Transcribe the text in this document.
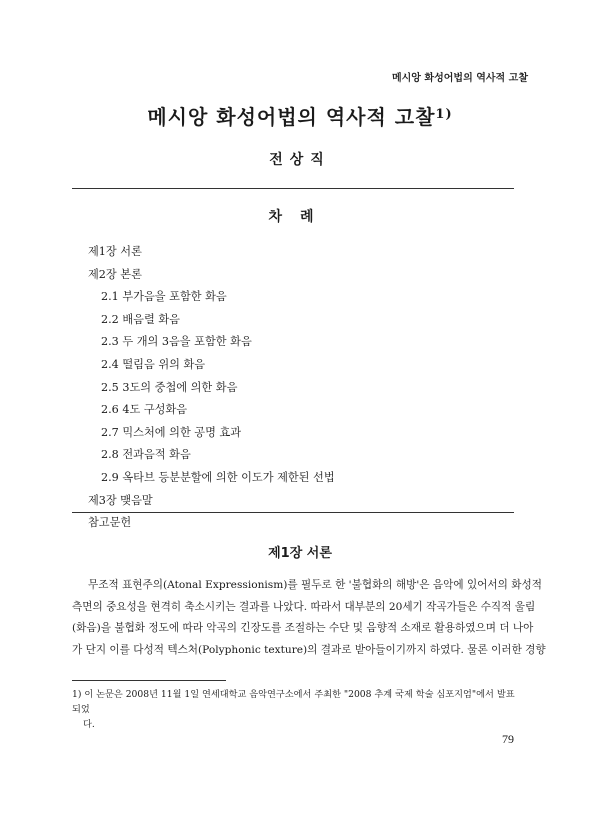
메시앙 화성어법의 역사적 고찰
메시앙 화성어법의 역사적 고찰$^{1)}$
전상직
차례
제1장 서론
제2장 본론
2.1 부가음을 포함한 화음
2.2 배음렬 화음
2.3 두 개의 3음을 포함한 화음
2.4 떨림음 위의 화음
2.5 3도의 중첩에 의한 화음
2.6 4도 구성화음
2.7 믹스처에 의한 공명 효과
2.8 전과음적 화음
2.9 옥타브 등분분할에 의한 이도가 제한된 선법
제3장 맺음말
참고문헌
제1장 서론
무조적 표현주의(Atonal Expressionism)를 필두로 한 '불협화의 해방'은 음악에 있어서의 화성적
측면의 중요성을 현격히 축소시키는 결과를 나았다. 따라서 대부분의 20세기 작곡가들은 수직적 울림
(화음)을 불협화 정도에 따라 악곡의 긴장도를 조절하는 수단 및 음향적 소재로 활용하였으며 더 나아
가 단지 이를 다성적 텍스처(Polyphonic texture)의 결과로 받아들이기까지 하였다. 물론 이러한 경향
1) 이 논문은 2008년 11월 1일 연세대학교 음악연구소에서 주최한 "2008 추계 국제 학술 심포지엄"에서 발표되었
다.
79
